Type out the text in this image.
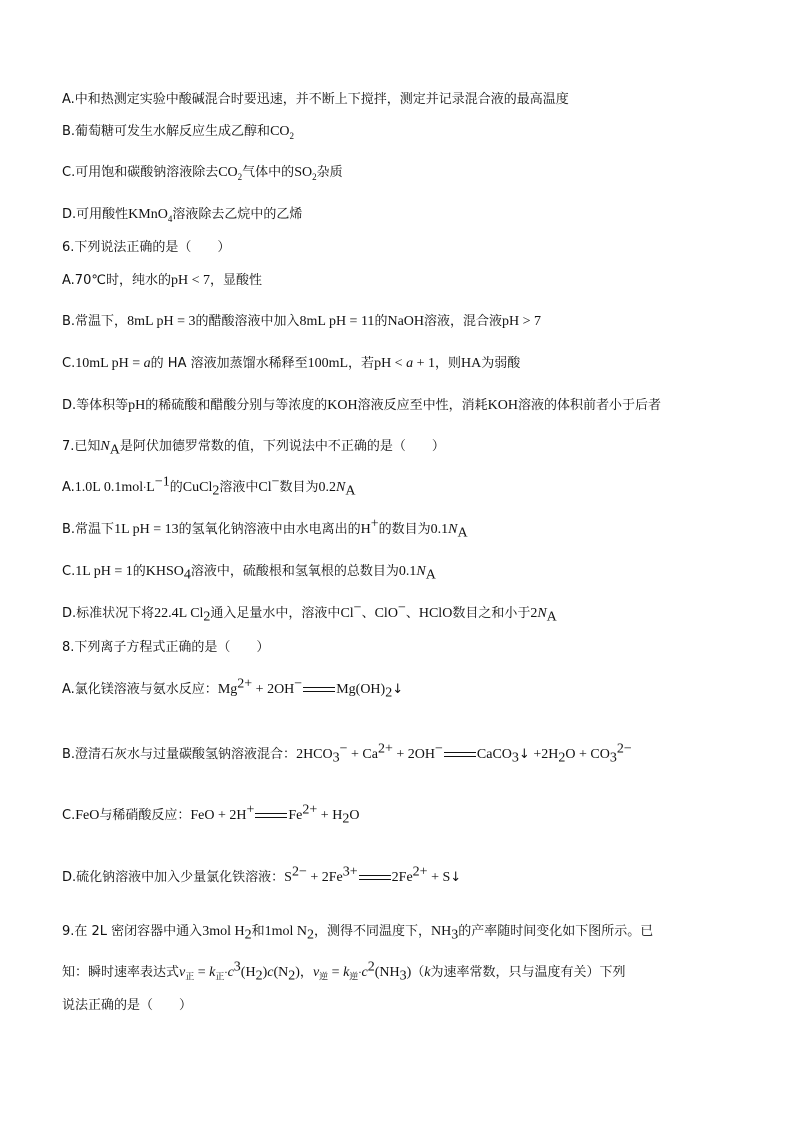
A.中和热测定实验中酸碱混合时要迅速，并不断上下搅拌，测定并记录混合液的最高温度
B.葡萄糖可发生水解反应生成乙醇和$CO_2$
C.可用饱和碳酸钠溶液除去$CO_2$气体中的$SO_2$杂质
D.可用酸性KMnO$_4$溶液除去乙烷中的乙烯
6.下列说法正确的是（　　）
A.70℃时，纯水的pH < 7，显酸性
B.常温下，8mL pH = 3的醋酸溶液中加入8mL pH = 11的NaOH溶液，混合液pH > 7
C.10mL pH = a的 HA 溶液加蒸馏水稀释至100mL，若pH < a + 1，则HA为弱酸
D.等体积等pH的稀硫酸和醋酸分别与等浓度的KOH溶液反应至中性，消耗KOH溶液的体积前者小于后者
7.已知$N_A$是阿伏加德罗常数的值，下列说法中不正确的是（　　）
A.1.0L $0.1mol\cdot L^{-1}$的CuCl$_2$溶液中Cl−数目为$0.2N_A$
B.常温下1L pH = 13的氢氧化钠溶液中由水电离出的H+的数目为$0.1N_A$
C.1L pH = 1的$KHSO_4$溶液中，硫酸根和氢氧根的总数目为$0.1N_A$
D.标准状况下将22.4L $Cl_2$通入足量水中，溶液中Cl−、ClO−、HClO数目之和小于$2N_A$
8.下列离子方程式正确的是（　　）
A.氯化镁溶液与氨水反应：$Mg^{2+} + 2OH^-$ $Mg(OH)_2↓$
B.澄清石灰水与过量碳酸氢钠溶液混合：$2HCO_3^- + Ca^{2+} + 2OH^-$ CaCO$_3$↓ $+2H_2O + CO_3^{2-}$
C.FeO与稀硝酸反应：FeO + 2H+ $Fe^{2+} + H_2O$
D.硫化钠溶液中加入少量氯化铁溶液：$S^{2-} + 2Fe^{3+}$ $2Fe^{2+}$ + S↓
9.在 2L 密闭容器中通入3mol $H_2$和1mol $N_2$，测得不同温度下，$NH_3$的产率随时间变化如下图所示。已
知：瞬时速率表达式$v_正 = k_正\cdot c^3(H_2)c(N_2)$，$v_逆 = k_逆\cdot c^2(NH_3)(k$为速率常数，只与温度有关）下列
说法正确的是（　　）
